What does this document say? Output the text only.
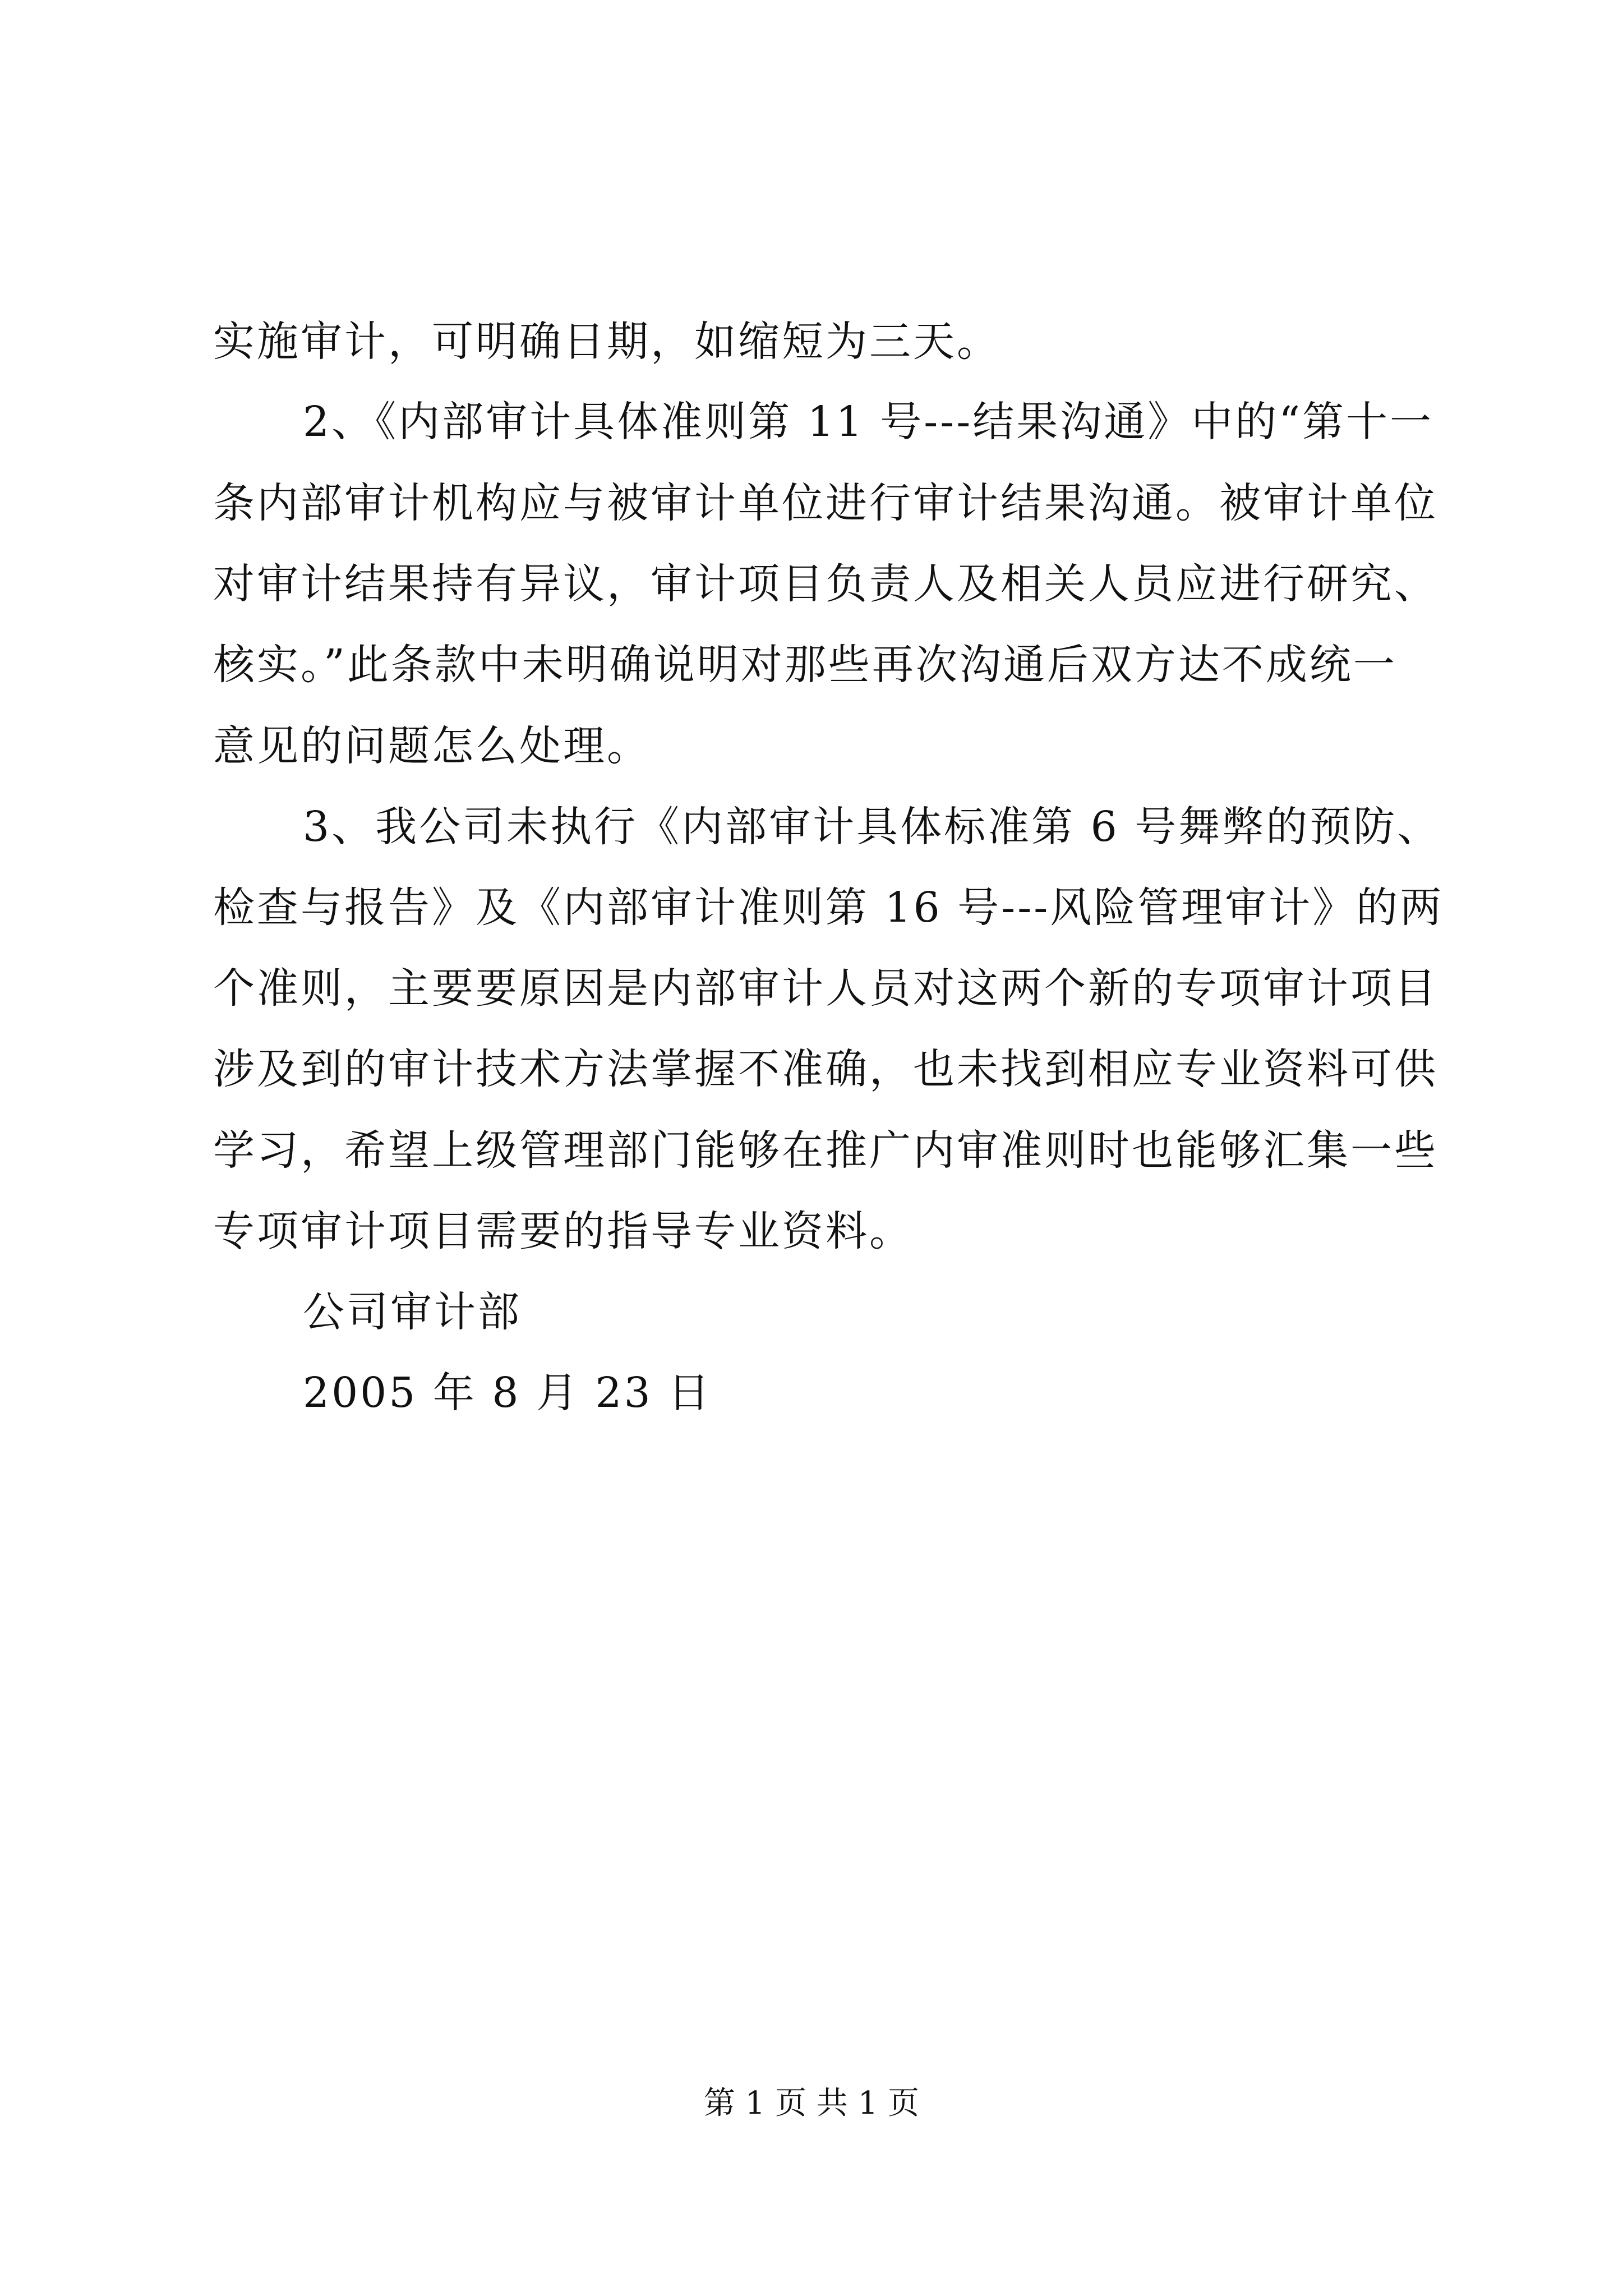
实施审计，可明确日期，如缩短为三天。
2、《内部审计具体准则第 11 号---结果沟通》中的“第十一
条内部审计机构应与被审计单位进行审计结果沟通。被审计单位
对审计结果持有异议，审计项目负责人及相关人员应进行研究、
核实。”此条款中未明确说明对那些再次沟通后双方达不成统一
意见的问题怎么处理。
3、我公司未执行《内部审计具体标准第 6 号舞弊的预防、
检查与报告》及《内部审计准则第 16 号---风险管理审计》的两
个准则，主要要原因是内部审计人员对这两个新的专项审计项目
涉及到的审计技术方法掌握不准确，也未找到相应专业资料可供
学习，希望上级管理部门能够在推广内审准则时也能够汇集一些
专项审计项目需要的指导专业资料。
公司审计部
2005 年 8 月 23 日
第 1 页 共 1 页
